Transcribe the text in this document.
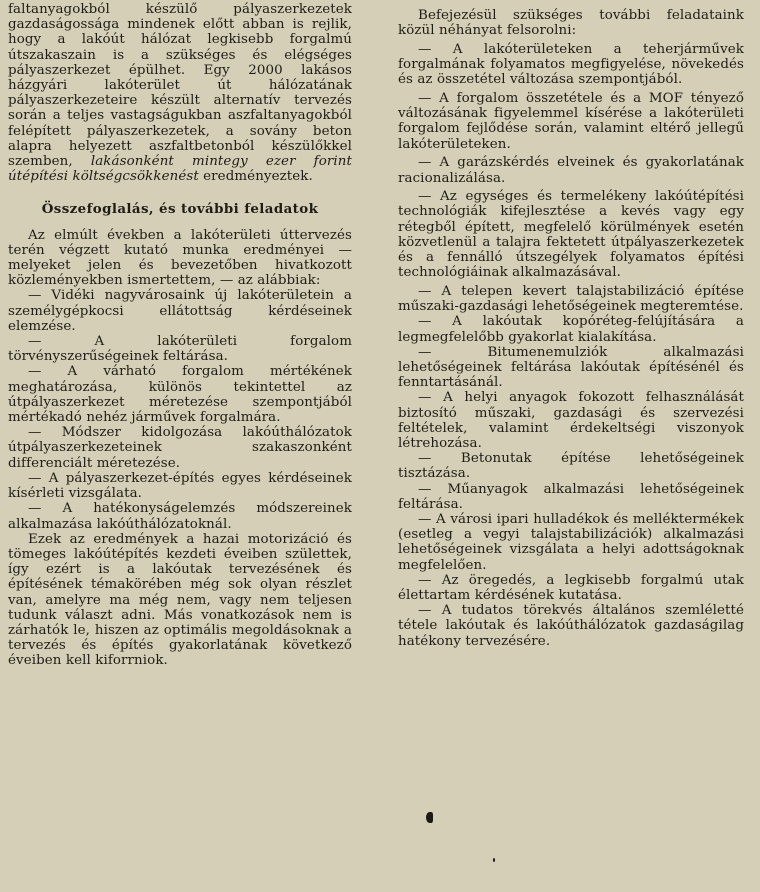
faltanyagokból készülő pályaszerkezetek gazdaságossága mindenek előtt abban is rejlik, hogy a lakóút hálózat legkisebb forgalmú útszakaszain is a szükséges és elégséges pályaszerkezet épülhet. Egy 2000 lakásos házgyári lakóterület út hálózatának pályaszerkezeteire készült alternatív tervezés során a teljes vastagságukban aszfaltanyagokból felépített pályaszerkezetek, a sovány beton alapra helyezett aszfaltbetonból készülőkkel szemben, lakásonként mintegy ezer forint útépítési költségcsökkenést eredményeztek.

Összefoglalás, és további feladatok

Az elmúlt években a lakóterületi úttervezés terén végzett kutató munka eredményei — melyeket jelen és bevezetőben hivatkozott közleményekben ismertettem, — az alábbiak:

— Vidéki nagyvárosaink új lakóterületein a személygépkocsi ellátottság kérdéseinek elemzése.

— A lakóterületi forgalom törvényszerűségeinek feltárása.

— A várható forgalom mértékének meghatározása, különös tekintettel az útpályaszerkezet méretezése szempontjából mértékadó nehéz járművek forgalmára.

— Módszer kidolgozása lakóúthálózatok útpályaszerkezeteinek szakaszonként differenciált méretezése.

— A pályaszerkezet-építés egyes kérdéseinek kísérleti vizsgálata.

— A hatékonyságelemzés módszereinek alkalmazása lakóúthálózatoknál.

Ezek az eredmények a hazai motorizáció és tömeges lakóútépítés kezdeti éveiben születtek, így ezért is a lakóutak tervezésének és építésének témakörében még sok olyan részlet van, amelyre ma még nem, vagy nem teljesen tudunk választ adni. Más vonatkozások nem is zárhatók le, hiszen az optimális megoldásoknak a tervezés és építés gyakorlatának következő éveiben kell kiforrniok.

Befejezésül szükséges további feladataink közül néhányat felsorolni:

— A lakóterületeken a teherjárművek forgalmának folyamatos megfigyelése, növekedés és az összetétel változása szempontjából.

— A forgalom összetétele és a MOF tényező változásának figyelemmel kísérése a lakóterületi forgalom fejlődése során, valamint eltérő jellegű lakóterületeken.

— A garázskérdés elveinek és gyakorlatának racionalizálása.

— Az egységes és termelékeny lakóútépítési technológiák kifejlesztése a kevés vagy egy rétegből épített, megfelelő körülmények esetén közvetlenül a talajra fektetett útpályaszerkezetek és a fennálló útszegélyek folyamatos építési technológiáinak alkalmazásával.

— A telepen kevert talajstabilizáció építése műszaki-gazdasági lehetőségeinek megteremtése.

— A lakóutak kopóréteg-felújítására a legmegfelelőbb gyakorlat kialakítása.

— Bitumenemulziók alkalmazási lehetőségeinek feltárása lakóutak építésénél és fenntartásánál.

— A helyi anyagok fokozott felhasználását biztosító műszaki, gazdasági és szervezési feltételek, valamint érdekeltségi viszonyok létrehozása.

— Betonutak építése lehetőségeinek tisztázása.

— Műanyagok alkalmazási lehetőségeinek feltárása.

— A városi ipari hulladékok és melléktermékek (esetleg a vegyi talajstabilizációk) alkalmazási lehetőségeinek vizsgálata a helyi adottságoknak megfelelően.

— Az öregedés, a legkisebb forgalmú utak élettartam kérdésének kutatása.

— A tudatos törekvés általános szemléletté tétele lakóutak és lakóúthálózatok gazdaságilag hatékony tervezésére.
